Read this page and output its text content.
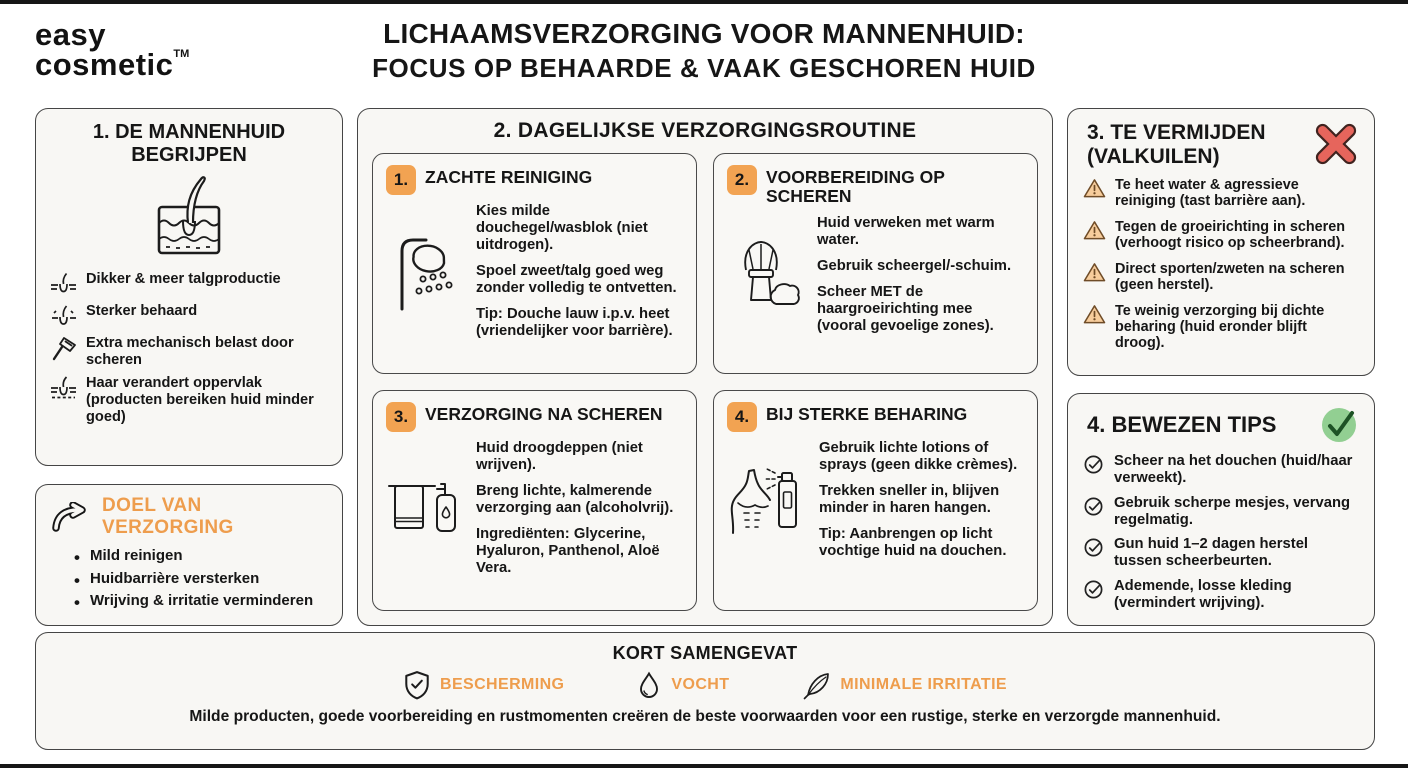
easy
cosmetic™
LICHAAMSVERZORGING VOOR MANNENHUID:
FOCUS OP BEHAARDE & VAAK GESCHOREN HUID
1. DE MANNENHUID BEGRIJPEN
Dikker & meer talgproductie
Sterker behaard
Extra mechanisch belast door scheren
Haar verandert oppervlak (producten bereiken huid minder goed)
DOEL VAN VERZORGING
• Mild reinigen
• Huidbarrière versterken
• Wrijving & irritatie verminderen
2. DAGELIJKSE VERZORGINGSROUTINE
1. ZACHTE REINIGING
Kies milde douchegel/wasblok (niet uitdrogen).
Spoel zweet/talg goed weg zonder volledig te ontvetten.
Tip: Douche lauw i.p.v. heet (vriendelijker voor barrière).
2. VOORBEREIDING OP SCHEREN
Huid verweken met warm water.
Gebruik scheergel/-schuim.
Scheer MET de haargroeirichting mee (vooral gevoelige zones).
3. VERZORGING NA SCHEREN
Huid droogdeppen (niet wrijven).
Breng lichte, kalmerende verzorging aan (alcoholvrij).
Ingrediënten: Glycerine, Hyaluron, Panthenol, Aloë Vera.
4. BIJ STERKE BEHARING
Gebruik lichte lotions of sprays (geen dikke crèmes).
Trekken sneller in, blijven minder in haren hangen.
Tip: Aanbrengen op licht vochtige huid na douchen.
3. TE VERMIJDEN
(VALKUILEN)
Te heet water & agressieve reiniging (tast barrière aan).
Tegen de groeirichting in scheren (verhoogt risico op scheerbrand).
Direct sporten/zweten na scheren (geen herstel).
Te weinig verzorging bij dichte beharing (huid eronder blijft droog).
4. BEWEZEN TIPS
Scheer na het douchen (huid/haar verweekt).
Gebruik scherpe mesjes, vervang regelmatig.
Gun huid 1–2 dagen herstel tussen scheerbeurten.
Ademende, losse kleding (vermindert wrijving).
KORT SAMENGEVAT
BESCHERMING	VOCHT	MINIMALE IRRITATIE
Milde producten, goede voorbereiding en rustmomenten creëren de beste voorwaarden voor een rustige, sterke en verzorgde mannenhuid.
